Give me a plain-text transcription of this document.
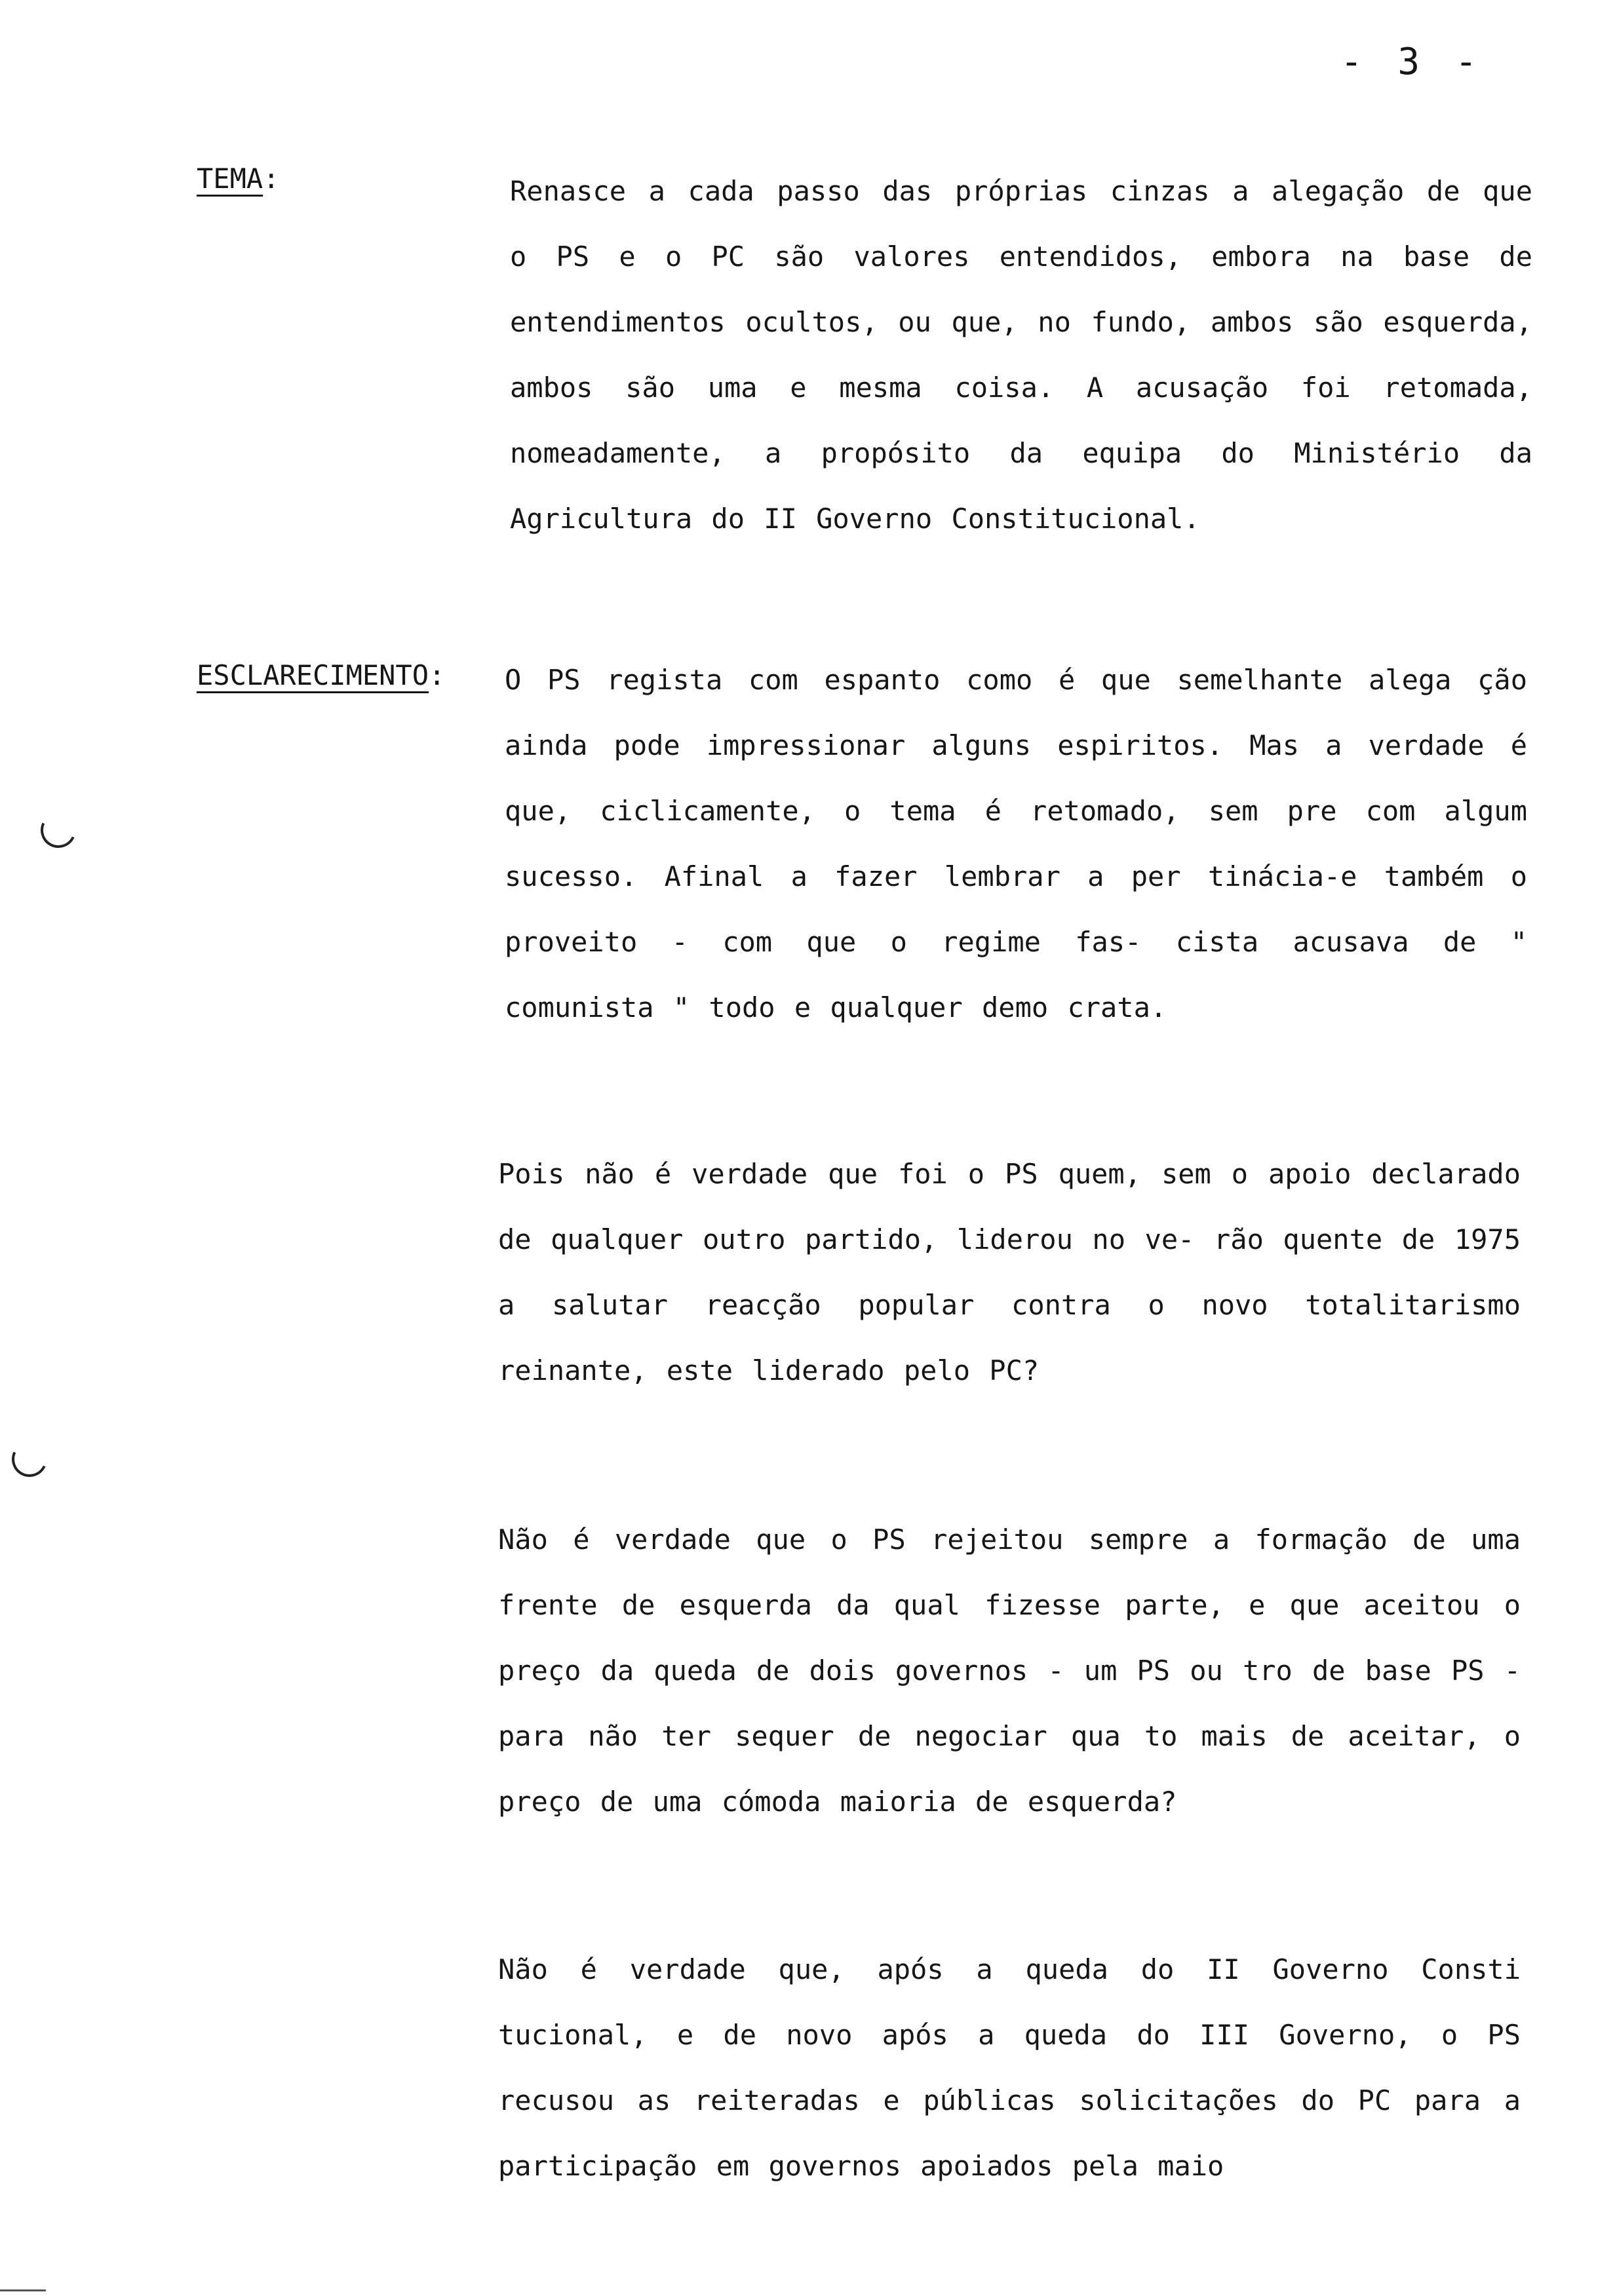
- 3 -
TEMA:	Renasce a cada passo das próprias cinzas a alegação de que o PS e o PC são valores entendidos, embora na base de entendimentos ocultos, ou que, no fundo, ambos são esquerda, ambos são uma e mesma coisa. A acusação foi retomada, nomeadamente, a propósito da equipa do Ministério da Agricultura do II Governo Constitucional.

ESCLARECIMENTO: O PS regista com espanto como é que semelhante alega ção ainda pode impressionar alguns espiritos. Mas a verdade é que, ciclicamente, o tema é retomado, sem pre com algum sucesso. Afinal a fazer lembrar a per tinácia-e também o proveito - com que o regime fas- cista acusava de " comunista " todo e qualquer demo crata.

Pois não é verdade que foi o PS quem, sem o apoio declarado de qualquer outro partido, liderou no ve- rão quente de 1975 a salutar reacção popular contra o novo totalitarismo reinante, este liderado pelo PC?

Não é verdade que o PS rejeitou sempre a formação de uma frente de esquerda da qual fizesse parte, e que aceitou o preço da queda de dois governos - um PS ou tro de base PS - para não ter sequer de negociar qua to mais de aceitar, o preço de uma cómoda maioria de esquerda?

Não é verdade que, após a queda do II Governo Consti tucional, e de novo após a queda do III Governo, o PS recusou as reiteradas e públicas solicitações do PC para a participação em governos apoiados pela maio
